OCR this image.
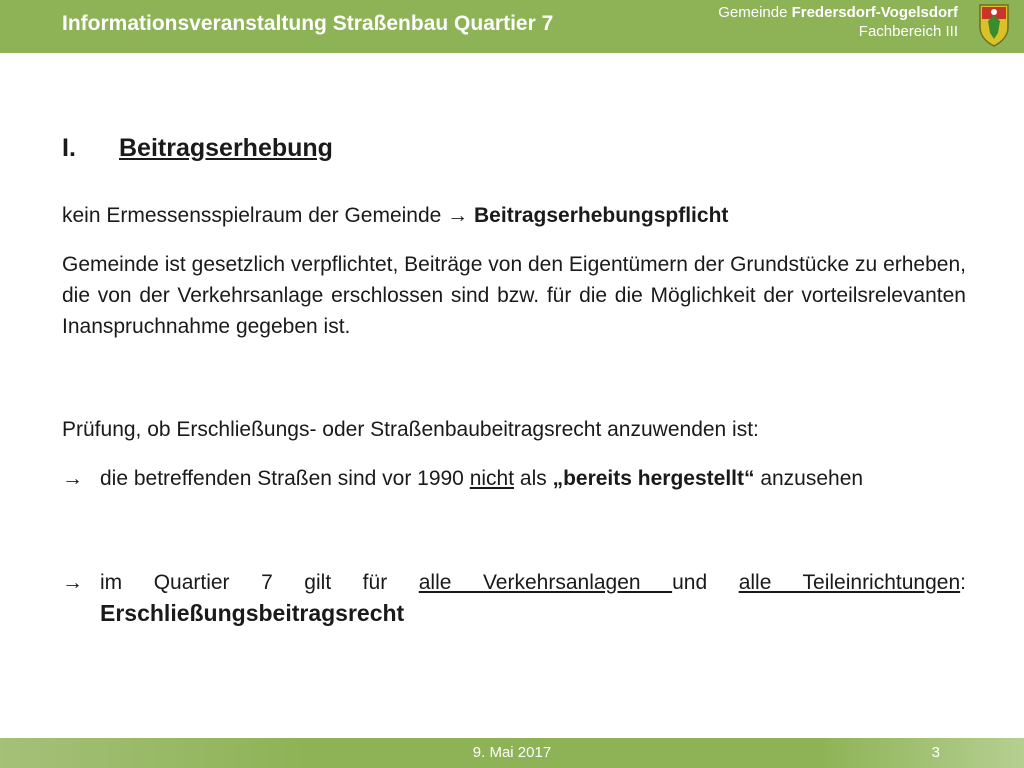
Informationsveranstaltung Straßenbau Quartier 7	Gemeinde Fredersdorf-Vogelsdorf
Fachbereich III
I. Beitragserhebung
kein Ermessensspielraum der Gemeinde → Beitragserhebungspflicht
Gemeinde ist gesetzlich verpflichtet, Beiträge von den Eigentümern der Grundstücke zu erheben, die von der Verkehrsanlage erschlossen sind bzw. für die die Möglichkeit der vorteilsrelevanten Inanspruchnahme gegeben ist.
Prüfung, ob Erschließungs- oder Straßenbaubeitragsrecht anzuwenden ist:
→ die betreffenden Straßen sind vor 1990 nicht als „bereits hergestellt“ anzusehen
→ im Quartier 7 gilt für alle Verkehrsanlagen und alle Teileinrichtungen: Erschließungsbeitragsrecht
9. Mai 2017	3
